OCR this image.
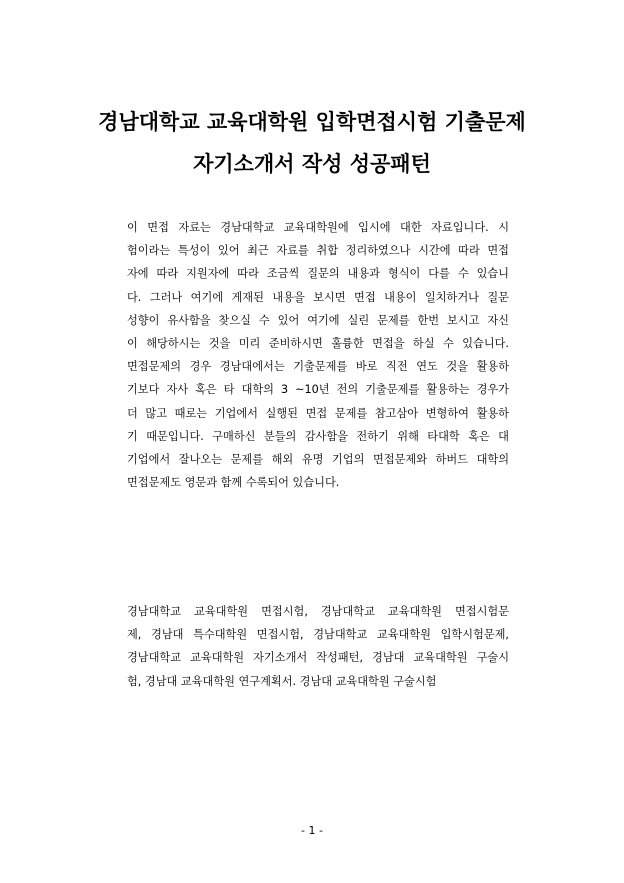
경남대학교 교육대학원 입학면접시험 기출문제
자기소개서 작성 성공패턴
이 면접 자료는 경남대학교 교육대학원에 입시에 대한 자료입니다. 시
험이라는 특성이 있어 최근 자료를 취합 정리하였으나 시간에 따라 면접
자에 따라 지원자에 따라 조금씩 질문의 내용과 형식이 다를 수 있습니
다. 그러나 여기에 게재된 내용을 보시면 면접 내용이 일치하거나 질문
성향이 유사함을 찾으실 수 있어 여기에 실린 문제를 한번 보시고 자신
이 해당하시는 것을 미리 준비하시면 훌륭한 면접을 하실 수 있습니다.
면접문제의 경우 경남대에서는 기출문제를 바로 직전 연도 것을 활용하
기보다 자사 혹은 타 대학의 3 ~10년 전의 기출문제를 활용하는 경우가
더 많고 때로는 기업에서 실행된 면접 문제를 참고삼아 변형하여 활용하
기 때문입니다. 구매하신 분들의 감사함을 전하기 위해 타대학 혹은 대
기업에서 잘나오는 문제를 해외 유명 기업의 면접문제와 하버드 대학의
면접문제도 영문과 함께 수록되어 있습니다.
경남대학교 교육대학원 면접시험, 경남대학교 교육대학원 면접시험문
제, 경남대 특수대학원 면접시험, 경남대학교 교육대학원 입학시험문제,
경남대학교 교육대학원 자기소개서 작성패턴, 경남대 교육대학원 구술시
험, 경남대 교육대학원 연구계획서. 경남대 교육대학원 구술시험
- 1 -
